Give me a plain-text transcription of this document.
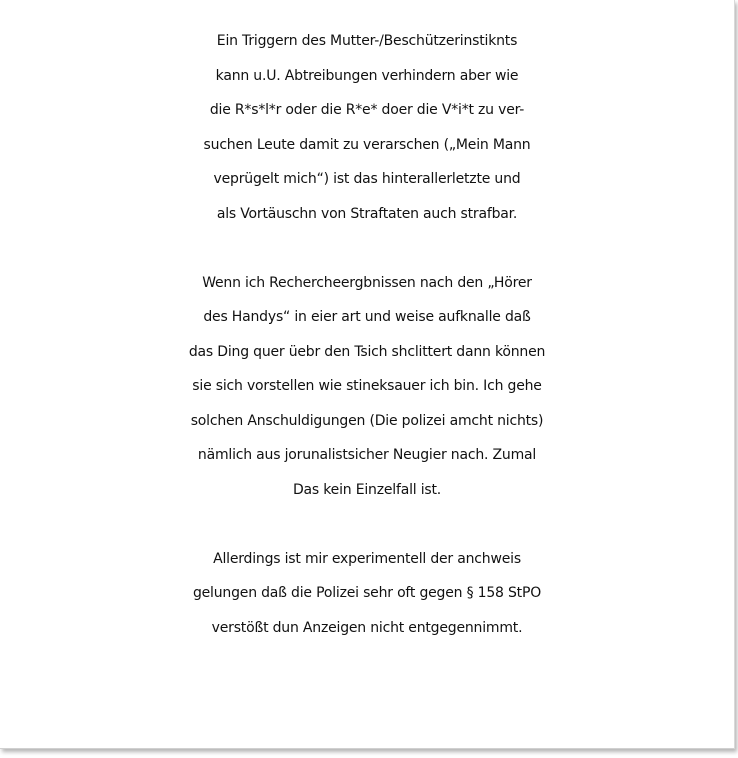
Ein Triggern des Mutter-/Beschützerinstiknts
kann u.U. Abtreibungen verhindern aber wie
die R*s*l*r oder die R*e* doer die V*i*t zu ver-
suchen Leute damit zu verarschen („Mein Mann
veprügelt mich“) ist das hinterallerletzte und
als Vortäuschn von Straftaten auch strafbar.

Wenn ich Rechercheergbnissen nach den „Hörer
des Handys“ in eier art und weise aufknalle daß
das Ding quer üebr den Tsich shclittert dann können
sie sich vorstellen wie stineksauer ich bin. Ich gehe
solchen Anschuldigungen (Die polizei amcht nichts)
nämlich aus jorunalistsicher Neugier nach. Zumal
Das kein Einzelfall ist.

Allerdings ist mir experimentell der anchweis
gelungen daß die Polizei sehr oft gegen § 158 StPO
verstößt dun Anzeigen nicht entgegennimmt.
